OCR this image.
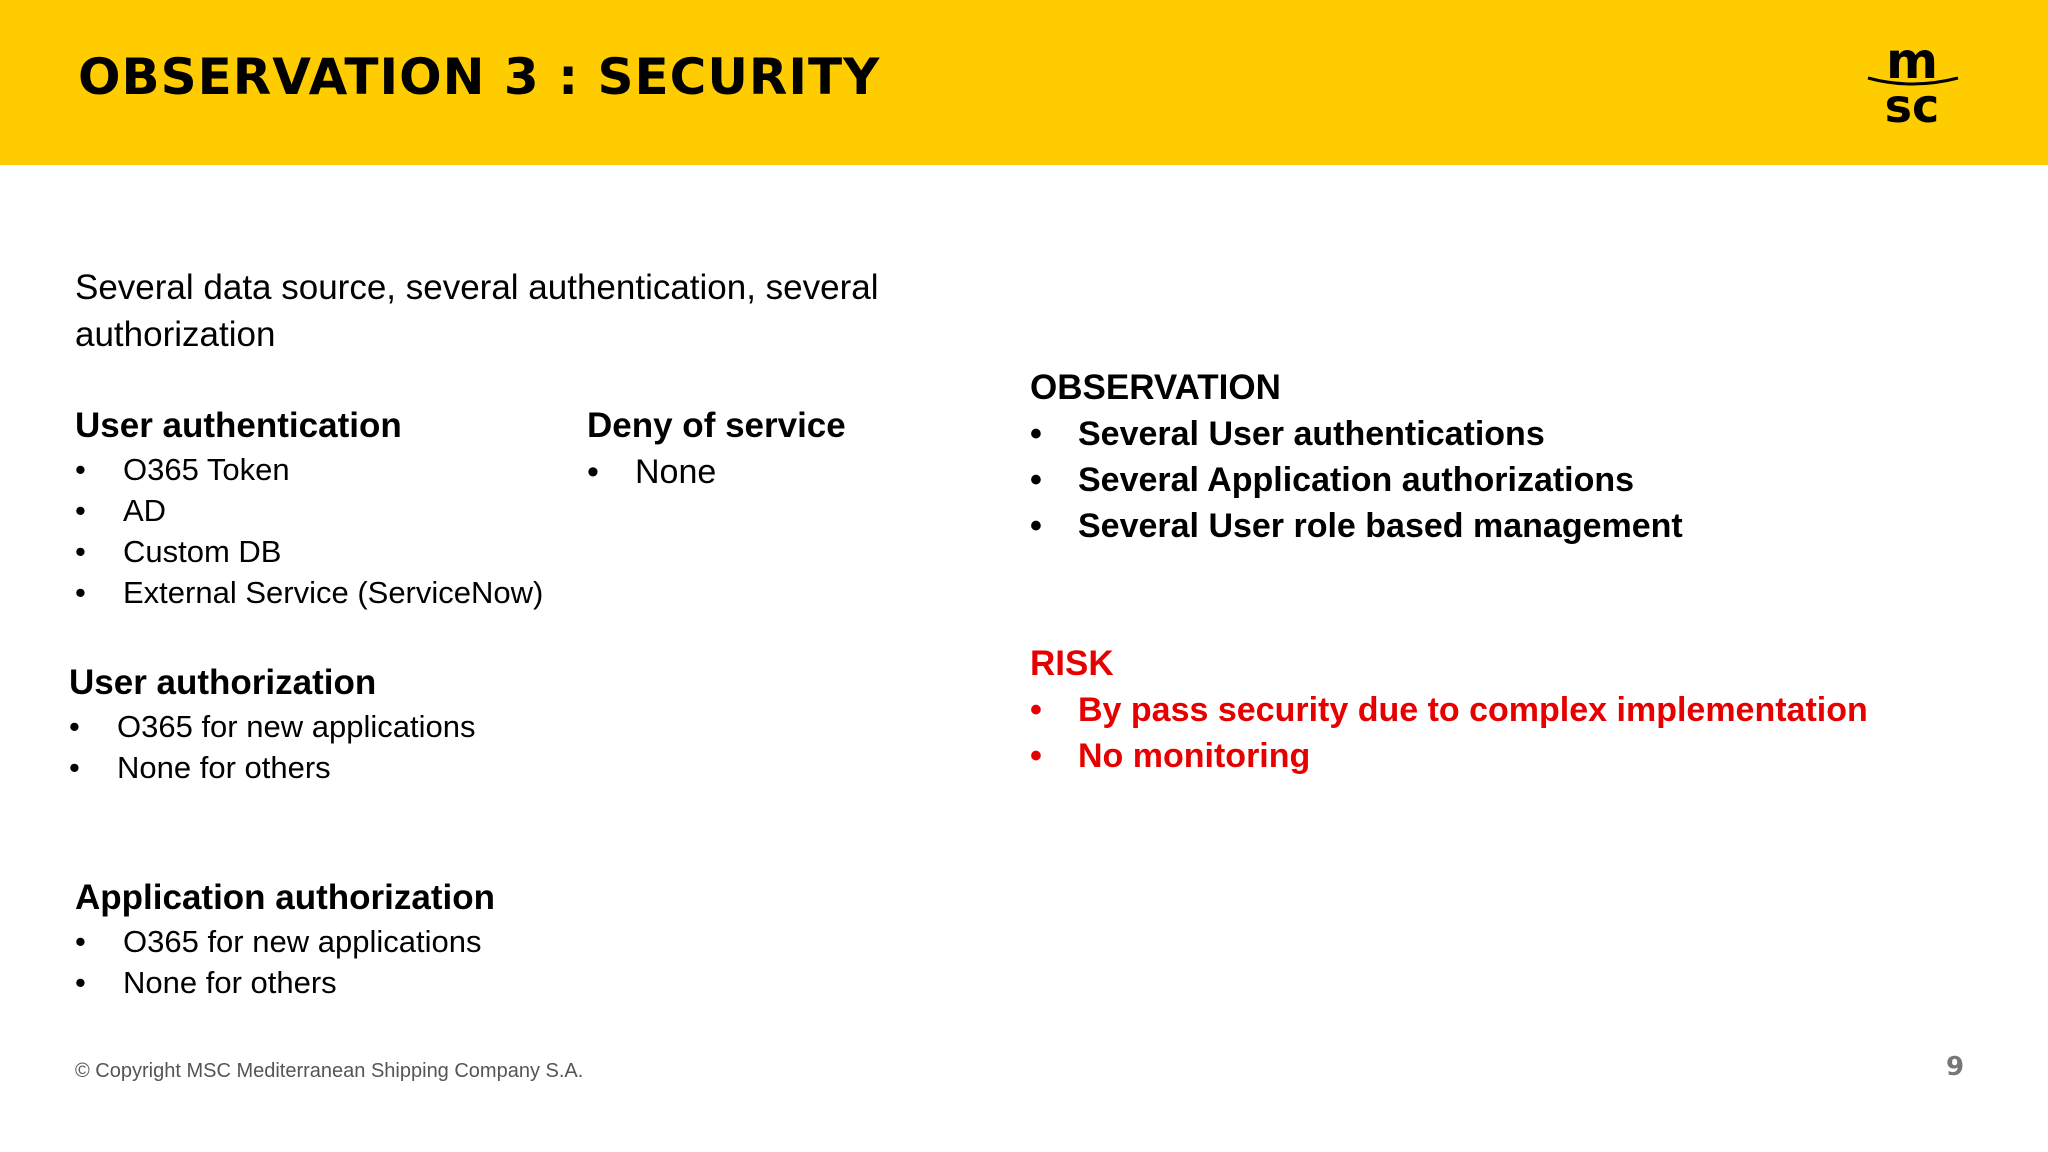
OBSERVATION 3 : SECURITY	m
sc

Several data source, several authentication, several authorization

User authentication
• O365 Token
• AD
• Custom DB
• External Service (ServiceNow)
Deny of service
• None
User authorization
• O365 for new applications
• None for others
Application authorization
• O365 for new applications
• None for others
OBSERVATION
• Several User authentications
• Several Application authorizations
• Several User role based management
RISK
• By pass security due to complex implementation
• No monitoring
© Copyright MSC Mediterranean Shipping Company S.A.	9
